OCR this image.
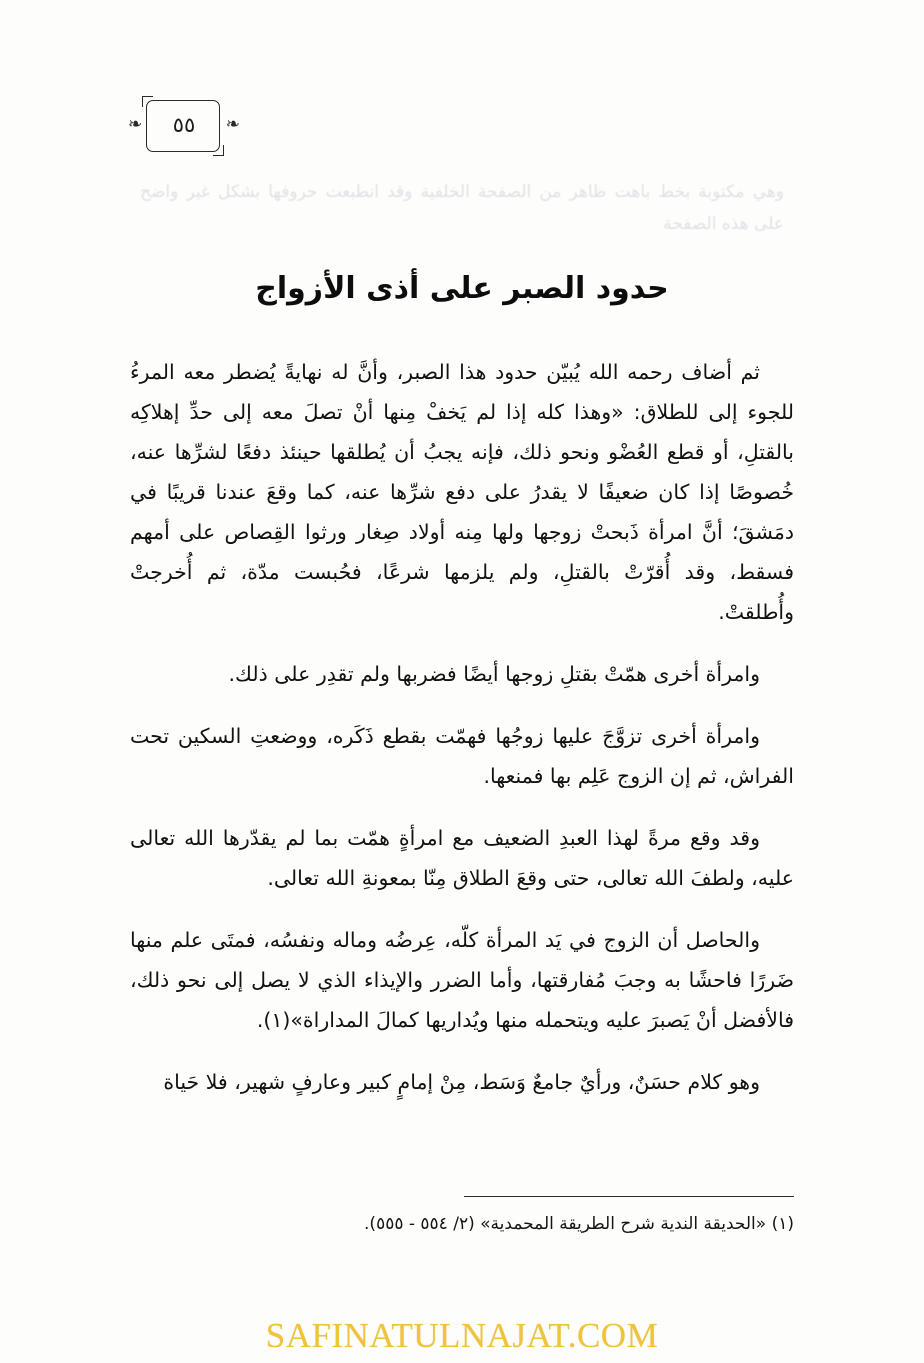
❧
٥٥
❧
وهي مكتوبة بخط باهت ظاهر من الصفحة الخلفية وقد انطبعت حروفها بشكل غير واضح على هذه الصفحة
حدود الصبر على أذى الأزواج

ثم أضاف رحمه الله يُبيّن حدود هذا الصبر، وأنَّ له نهايةً يُضطر معه المرءُ للجوء إلى للطلاق: «وهذا كله إذا لم يَخفْ مِنها أنْ تصلَ معه إلى حدِّ إهلاكِه بالقتلِ، أو قطع العُضْو ونحو ذلك، فإنه يجبُ أن يُطلقها حينئذ دفعًا لشرِّها عنه، خُصوصًا إذا كان ضعيفًا لا يقدرُ على دفع شرِّها عنه، كما وقعَ عندنا قريبًا في دمَشقَ؛ أنَّ امرأة ذَبحتْ زوجها ولها مِنه أولاد صِغار ورثوا القِصاص على أمهم فسقط، وقد أُقرّتْ بالقتلِ، ولم يلزمها شرعًا، فحُبست مدّة، ثم أُخرجتْ وأُطلقتْ.

وامرأة أخرى همّتْ بقتلِ زوجها أيضًا فضربها ولم تقدِر على ذلك.

وامرأة أخرى تزوَّجَ عليها زوجُها فهمّت بقطع ذَكَره، ووضعتِ السكين تحت الفراش، ثم إن الزوج عَلِم بها فمنعها.

وقد وقع مرةً لهذا العبدِ الضعيف مع امرأةٍ همّت بما لم يقدّرها الله تعالى عليه، ولطفَ الله تعالى، حتى وقعَ الطلاق مِنّا بمعونةِ الله تعالى.

والحاصل أن الزوج في يَد المرأة كلّه، عِرضُه وماله ونفسُه، فمتَى علم منها ضَررًا فاحشًا به وجبَ مُفارقتها، وأما الضرر والإيذاء الذي لا يصل إلى نحو ذلك، فالأفضل أنْ يَصبرَ عليه ويتحمله منها ويُداريها كمالَ المداراة»(١).

وهو كلام حسَنٌ، ورأيٌ جامعٌ وَسَط، مِنْ إمامٍ كبير وعارفٍ شهير، فلا حَياة

(١) «الحديقة الندية شرح الطريقة المحمدية» (٢/ ٥٥٤ - ٥٥٥).
SAFINATULNAJAT.COM
